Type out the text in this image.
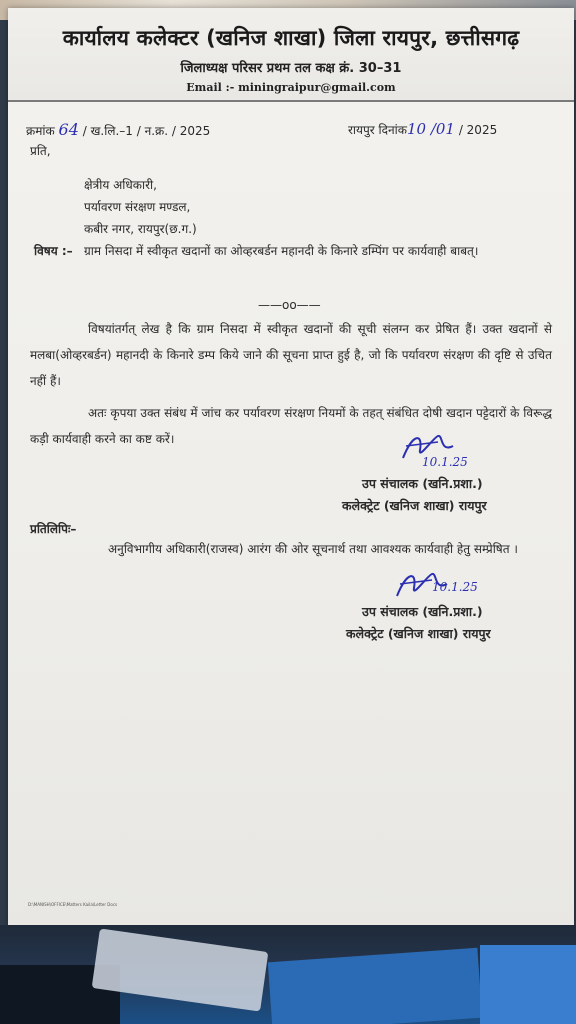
कार्यालय कलेक्टर (खनिज शाखा) जिला रायपुर, छत्तीसगढ़
जिलाध्यक्ष परिसर प्रथम तल कक्ष क्रं. 30–31
Email :- miningraipur@gmail.com
क्रमांक 64 / ख.लि.–1 / न.क्र. / 2025	रायपुर दिनांक10 /01 / 2025
प्रति,
क्षेत्रीय अधिकारी,
पर्यावरण संरक्षण मण्डल,
कबीर नगर, रायपुर(छ.ग.)
विषय :– ग्राम निसदा में स्वीकृत खदानों का ओव्हरबर्डन महानदी के किनारे डम्पिंग पर कार्यवाही बाबत्।
——oo——
विषयांतर्गत् लेख है कि ग्राम निसदा में स्वीकृत खदानों की सूची संलग्न कर प्रेषित हैं। उक्त खदानों से मलबा(ओव्हरबर्डन) महानदी के किनारे डम्प किये जाने की सूचना प्राप्त हुई है, जो कि पर्यावरण संरक्षण की दृष्टि से उचित नहीं हैं।
अतः कृपया उक्त संबंध में जांच कर पर्यावरण संरक्षण नियमों के तहत् संबंधित दोषी खदान पट्टेदारों के विरूद्ध कड़ी कार्यवाही करने का कष्ट करें।
10.1.25
उप संचालक (खनि.प्रशा.)
कलेक्ट्रेट (खनिज शाखा) रायपुर
प्रतिलिपिः–
अनुविभागीय अधिकारी(राजस्व) आरंग की ओर सूचनार्थ तथा आवश्यक कार्यवाही हेतु सम्प्रेषित ।
10.1.25
उप संचालक (खनि.प्रशा.)
कलेक्ट्रेट (खनिज शाखा) रायपुर
D:\MANISH\OFFICE\Matters Kaila\Letter Docs
